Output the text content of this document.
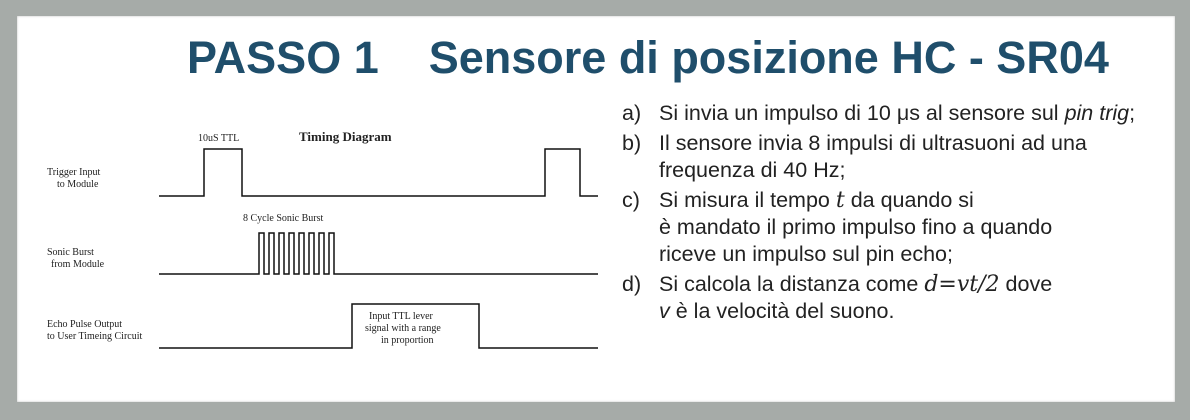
PASSO 1 Sensore di posizione HC - SR04
Timing Diagram
Trigger Input
to Module
Sonic Burst
from Module
Echo Pulse Output
to User Timeing Circuit
10uS TTL
8 Cycle Sonic Burst
Input TTL lever
signal with a range
in proportion
a) Si invia un impulso di 10 μs al sensore sul pin trig;
b) Il sensore invia 8 impulsi di ultrasuoni ad una frequenza di 40 Hz;
c) Si misura il tempo t da quando si
è mandato il primo impulso fino a quando
riceve un impulso sul pin echo;
d) Si calcola la distanza come d=vt/2 dove
v è la velocità del suono.
